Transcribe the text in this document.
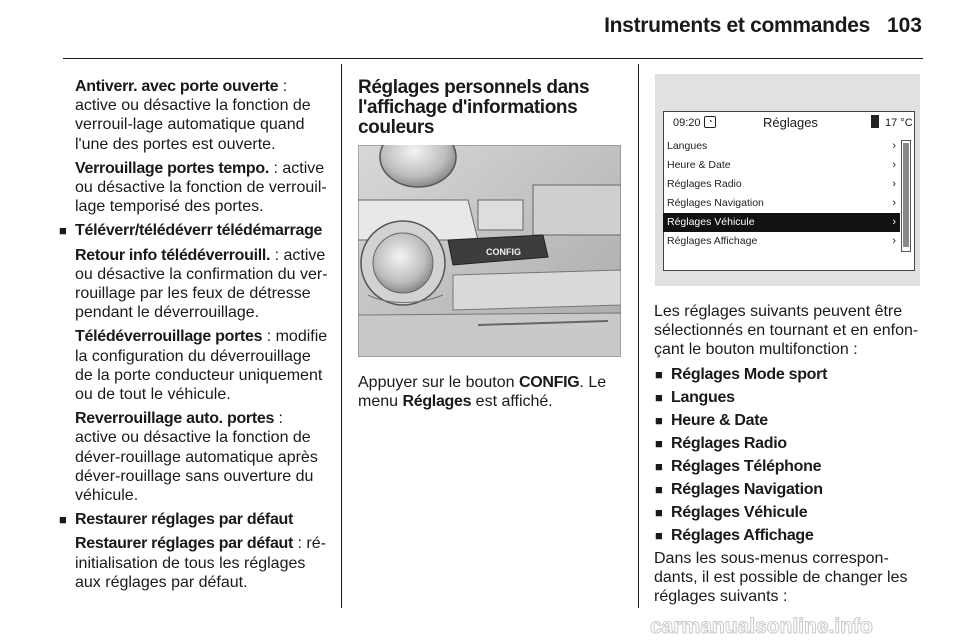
Instruments et commandes 103

Antiverr. avec porte ouverte : active ou désactive la fonction de verrouil-lage automatique quand l'une des portes est ouverte.

Verrouillage portes tempo. : active ou désactive la fonction de verrouil-lage temporisé des portes.

■ Téléverr/télédéverr télédémarrage

Retour info télédéverrouill. : active ou désactive la confirmation du ver-rouillage par les feux de détresse pendant le déverrouillage.

Télédéverrouillage portes : modifie la configuration du déverrouillage de la porte conducteur uniquement ou de tout le véhicule.

Reverrouillage auto. portes : active ou désactive la fonction de déver-rouillage automatique après déver-rouillage sans ouverture du véhicule.

■ Restaurer réglages par défaut

Restaurer réglages par défaut : ré-initialisation de tous les réglages aux réglages par défaut.

Réglages personnels dans l'affichage d'informations couleurs
CONFIG

Appuyer sur le bouton CONFIG. Le menu Réglages est affiché.

09:20 ◔	Réglages	17 °C
Langues	›
Heure & Date	›
Réglages Radio	›
Réglages Navigation	›
Réglages Véhicule	›
Réglages Affichage	›

Les réglages suivants peuvent être sélectionnés en tournant et en enfon-çant le bouton multifonction :

■ Réglages Mode sport

■ Langues

■ Heure & Date

■ Réglages Radio

■ Réglages Téléphone

■ Réglages Navigation

■ Réglages Véhicule

■ Réglages Affichage

Dans les sous-menus correspon-dants, il est possible de changer les réglages suivants :

carmanualsonline.info
